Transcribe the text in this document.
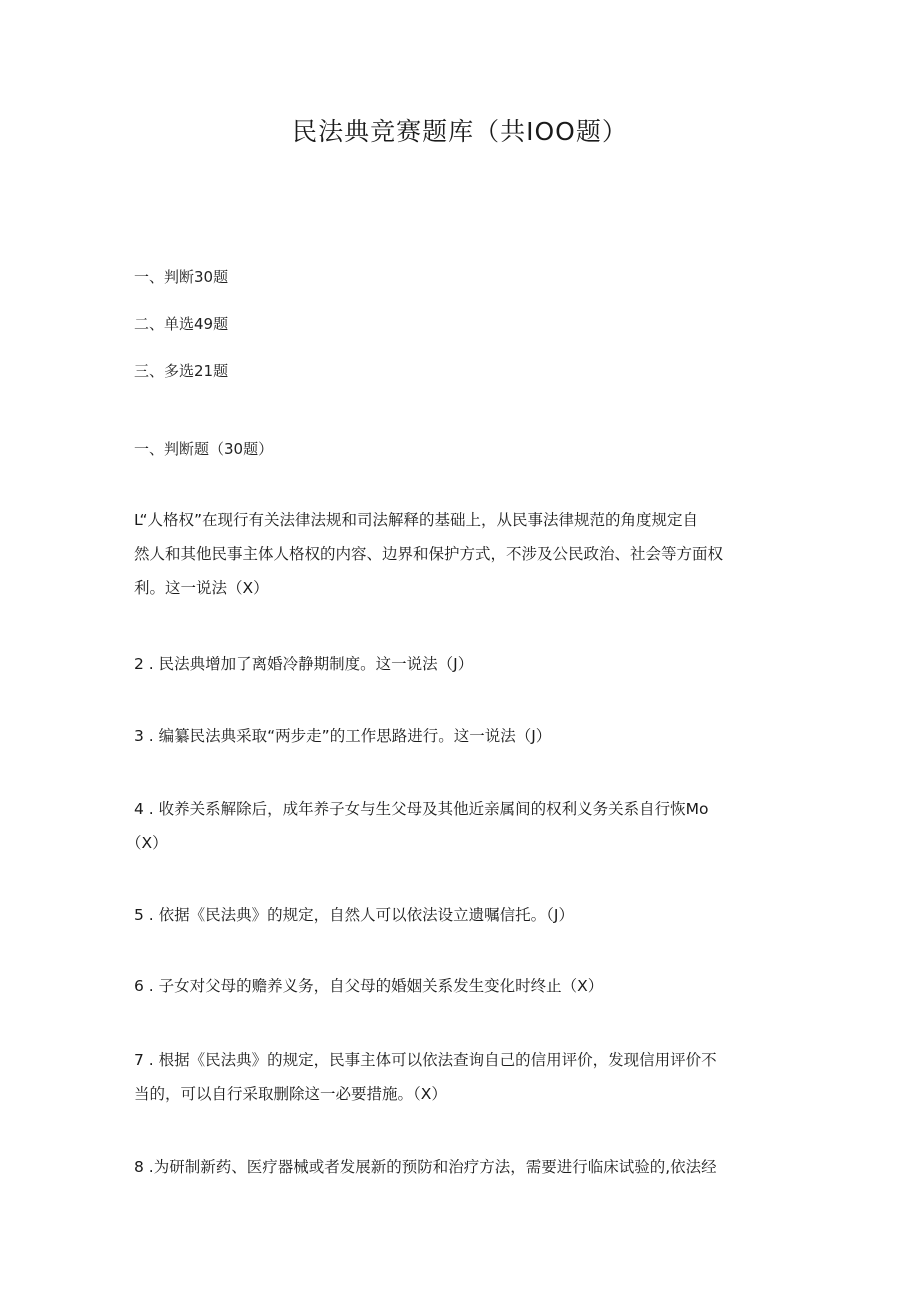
民法典竞赛题库（共IOO题）
一、判断30题
二、单选49题
三、多选21题
一、判断题（30题）
L“人格权”在现行有关法律法规和司法解释的基础上，从民事法律规范的角度规定自
然人和其他民事主体人格权的内容、边界和保护方式，不涉及公民政治、社会等方面权
利。这一说法（X）
2 . 民法典增加了离婚冷静期制度。这一说法（J）
3 . 编纂民法典采取“两步走”的工作思路进行。这一说法（J）
4 . 收养关系解除后，成年养子女与生父母及其他近亲属间的权利义务关系自行恢Mo
（X）
5 . 依据《民法典》的规定，自然人可以依法设立遗嘱信托。（J）
6 . 子女对父母的赡养义务，自父母的婚姻关系发生变化时终止（X）
7 . 根据《民法典》的规定，民事主体可以依法查询自己的信用评价，发现信用评价不
当的，可以自行采取删除这一必要措施。（X）
8 .为研制新药、医疗器械或者发展新的预防和治疗方法，需要进行临床试验的,依法经
